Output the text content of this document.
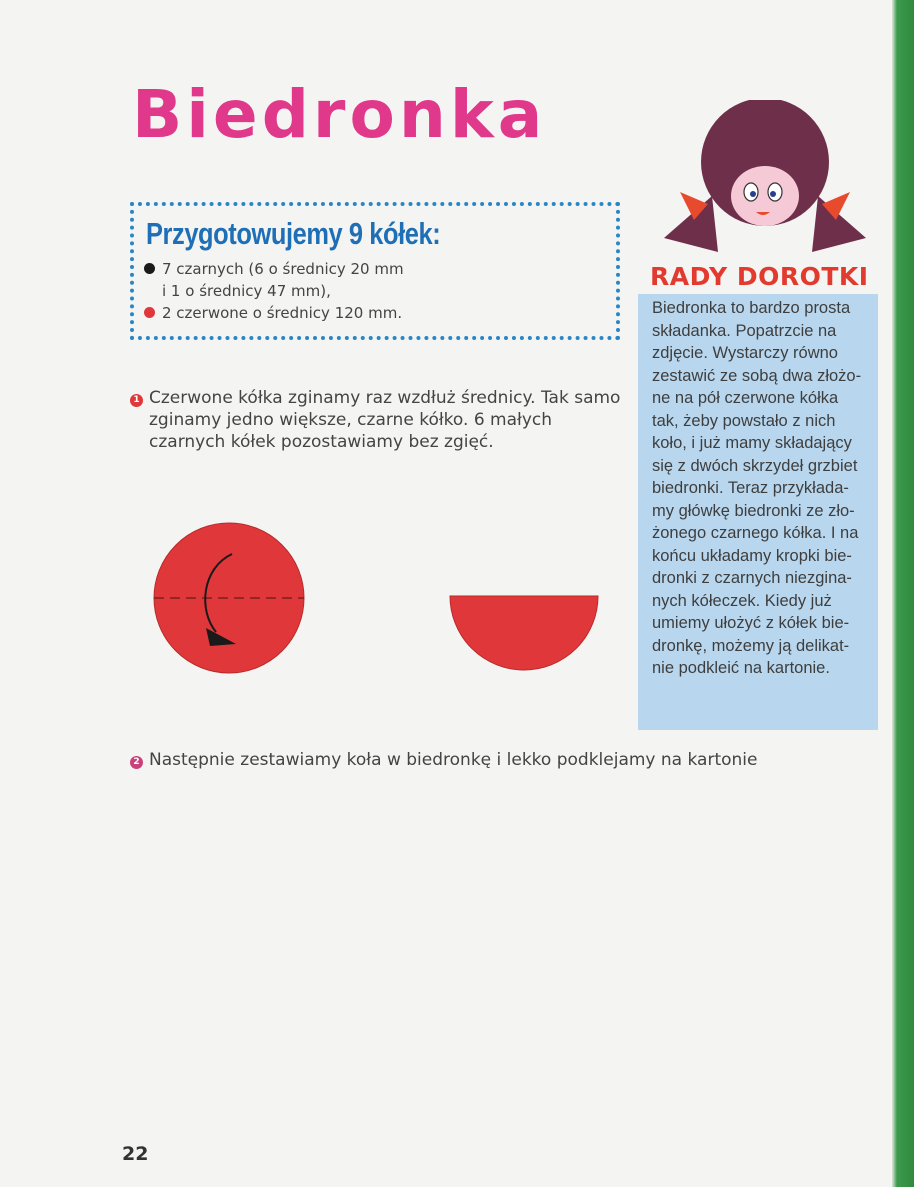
Biedronka
Przygotowujemy 9 kółek:
7 czarnych (6 o średnicy 20 mm
i 1 o średnicy 47 mm),
2 czerwone o średnicy 120 mm.
1 Czerwone kółka zginamy raz wzdłuż średnicy. Tak samo
zginamy jedno większe, czarne kółko. 6 małych
czarnych kółek pozostawiamy bez zgięć.
2 Następnie zestawiamy koła w biedronkę i lekko podklejamy na kartonie
RADY DOROTKI
Biedronka to bardzo prosta
składanka. Popatrzcie na
zdjęcie. Wystarczy równo
zestawić ze sobą dwa złożo-
ne na pół czerwone kółka
tak, żeby powstało z nich
koło, i już mamy składający
się z dwóch skrzydeł grzbiet
biedronki. Teraz przykłada-
my główkę biedronki ze zło-
żonego czarnego kółka. I na
końcu układamy kropki bie-
dronki z czarnych niezgina-
nych kółeczek. Kiedy już
umiemy ułożyć z kółek bie-
dronkę, możemy ją delikat-
nie podkleić na kartonie.
22
